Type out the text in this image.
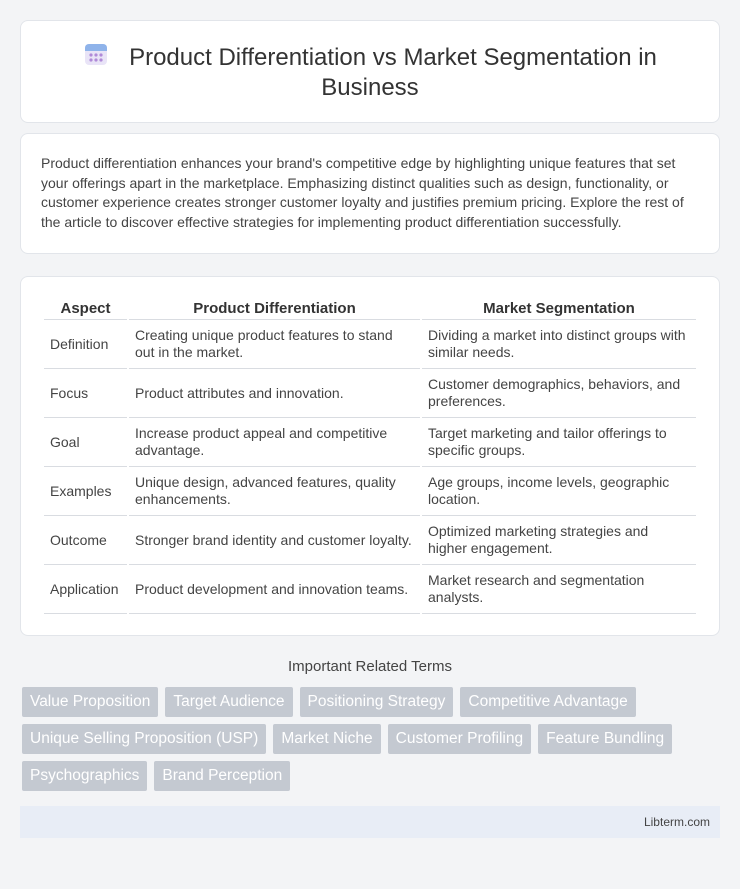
Product Differentiation vs Market Segmentation in Business
Product differentiation enhances your brand's competitive edge by highlighting unique features that set your offerings apart in the marketplace. Emphasizing distinct qualities such as design, functionality, or customer experience creates stronger customer loyalty and justifies premium pricing. Explore the rest of the article to discover effective strategies for implementing product differentiation successfully.
Aspect	Product Differentiation	Market Segmentation
Definition	Creating unique product features to stand out in the market.	Dividing a market into distinct groups with similar needs.
Focus	Product attributes and innovation.	Customer demographics, behaviors, and preferences.
Goal	Increase product appeal and competitive advantage.	Target marketing and tailor offerings to specific groups.
Examples	Unique design, advanced features, quality enhancements.	Age groups, income levels, geographic location.
Outcome	Stronger brand identity and customer loyalty.	Optimized marketing strategies and higher engagement.
Application	Product development and innovation teams.	Market research and segmentation analysts.
Important Related Terms
Value Proposition	Target Audience	Positioning Strategy	Competitive Advantage
Unique Selling Proposition (USP)	Market Niche	Customer Profiling	Feature Bundling
Psychographics	Brand Perception
Libterm.com
